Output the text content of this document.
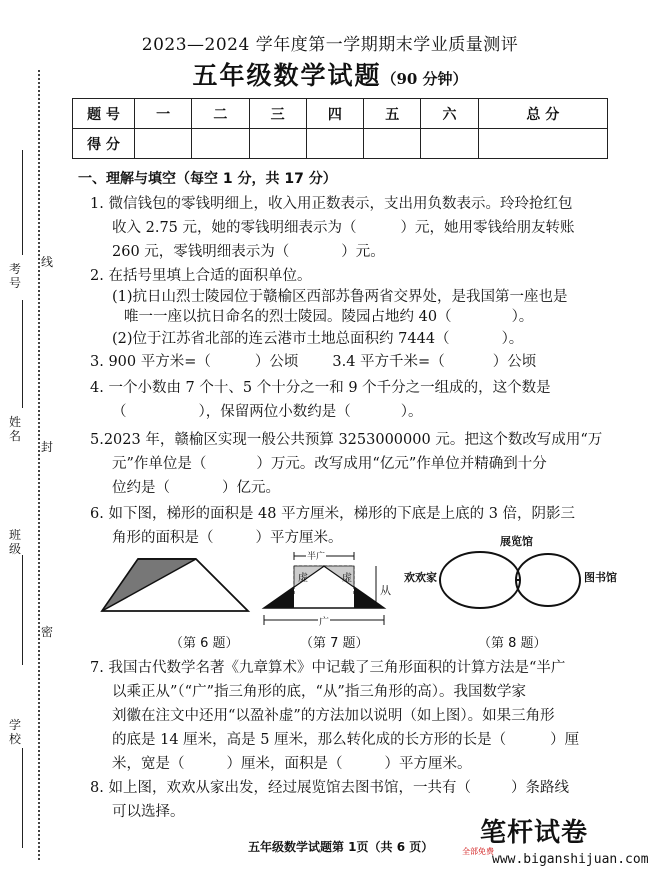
考号
线
姓名
封
班级
密
学校
2023—2024 学年度第一学期期末学业质量测评
五年级数学试题（90 分钟）
题 号	一	二	三	四	五	六	总 分
得 分							
一、理解与填空（每空 1 分，共 17 分）
1. 微信钱包的零钱明细上，收入用正数表示，支出用负数表示。玲玲抢红包
收入 2.75 元，她的零钱明细表示为（	）元，她用零钱给朋友转账
260 元，零钱明细表示为（	）元。
2. 在括号里填上合适的面积单位。
(1)抗日山烈士陵园位于赣榆区西部苏鲁两省交界处，是我国第一座也是
唯一一座以抗日命名的烈士陵园。陵园占地约 40（	）。
(2)位于江苏省北部的连云港市土地总面积约 7444（	）。
3. 900 平方米=（	）公顷 3.4 平方千米=（	）公顷
4. 一个小数由 7 个十、5 个十分之一和 9 个千分之一组成的，这个数是
（	），保留两位小数约是（	）。
5.2023 年，赣榆区实现一般公共预算 3253000000 元。把这个数改写成用“万
元”作单位是（	）万元。改写成用“亿元”作单位并精确到十分
位约是（	）亿元。
6. 如下图，梯形的面积是 48 平方厘米，梯形的下底是上底的 3 倍，阴影三
角形的面积是（	）平方厘米。
半广
虚	虚
从
广
展览馆
欢欢家	图书馆
（第 6 题）	（第 7 题）	（第 8 题）
7. 我国古代数学名著《九章算术》中记载了三角形面积的计算方法是“半广
以乘正从”（“广”指三角形的底，“从”指三角形的高）。我国数学家
刘徽在注文中还用“以盈补虚”的方法加以说明（如上图）。如果三角形
的底是 14 厘米，高是 5 厘米，那么转化成的长方形的长是（	）厘
米，宽是（	）厘米，面积是（	）平方厘米。
8. 如上图，欢欢从家出发，经过展览馆去图书馆，一共有（	）条路线
可以选择。
五年级数学试题第 1页（共 6 页） 笔杆试卷
全部免费
www.biganshijuan.com
